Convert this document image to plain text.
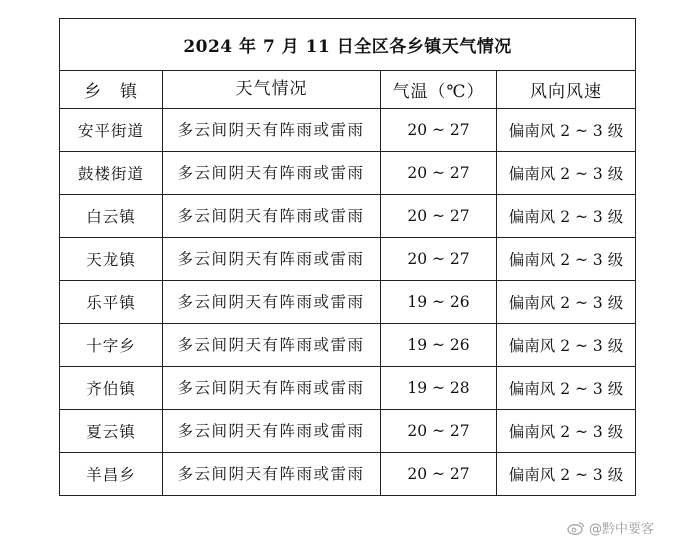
2024 年 7 月 11 日全区各乡镇天气情况			
乡 镇	天气情况	气温（℃）	风向风速
安平街道	多云间阴天有阵雨或雷雨	20 ~ 27	偏南风 2 ~ 3 级
鼓楼街道	多云间阴天有阵雨或雷雨	20 ~ 27	偏南风 2 ~ 3 级
白云镇	多云间阴天有阵雨或雷雨	20 ~ 27	偏南风 2 ~ 3 级
天龙镇	多云间阴天有阵雨或雷雨	20 ~ 27	偏南风 2 ~ 3 级
乐平镇	多云间阴天有阵雨或雷雨	19 ~ 26	偏南风 2 ~ 3 级
十字乡	多云间阴天有阵雨或雷雨	19 ~ 26	偏南风 2 ~ 3 级
齐伯镇	多云间阴天有阵雨或雷雨	19 ~ 28	偏南风 2 ~ 3 级
夏云镇	多云间阴天有阵雨或雷雨	20 ~ 27	偏南风 2 ~ 3 级
羊昌乡	多云间阴天有阵雨或雷雨	20 ~ 27	偏南风 2 ~ 3 级
@黔中要客
